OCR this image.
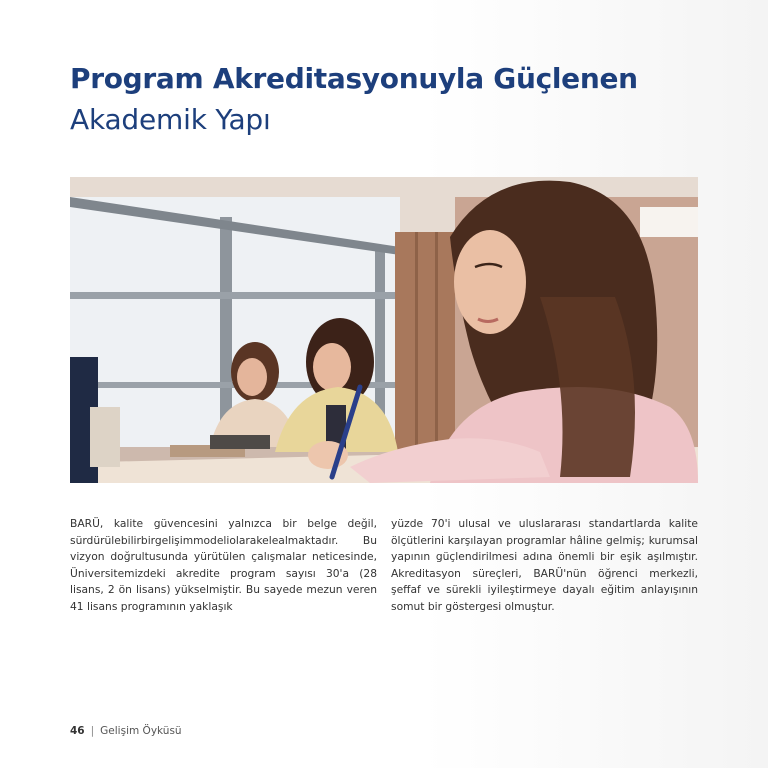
Program Akreditasyonuyla Güçlenen
Akademik Yapı

BARÜ, kalite güvencesini yalnızca bir belge değil, sürdürülebilirbirgelişimmodeliolarakelealmaktadır. Bu vizyon doğrultusunda yürütülen çalışmalar neticesinde, Üniversitemizdeki akredite program sayısı 30'a (28 lisans, 2 ön lisans) yükselmiştir. Bu sayede mezun veren 41 lisans programının yaklaşık

yüzde 70'i ulusal ve uluslararası standartlarda kalite ölçütlerini karşılayan programlar hâline gelmiş; kurumsal yapının güçlendirilmesi adına önemli bir eşik aşılmıştır. Akreditasyon süreçleri, BARÜ'nün öğrenci merkezli, şeffaf ve sürekli iyileştirmeye dayalı eğitim anlayışının somut bir göstergesi olmuştur.

46 | Gelişim Öyküsü
